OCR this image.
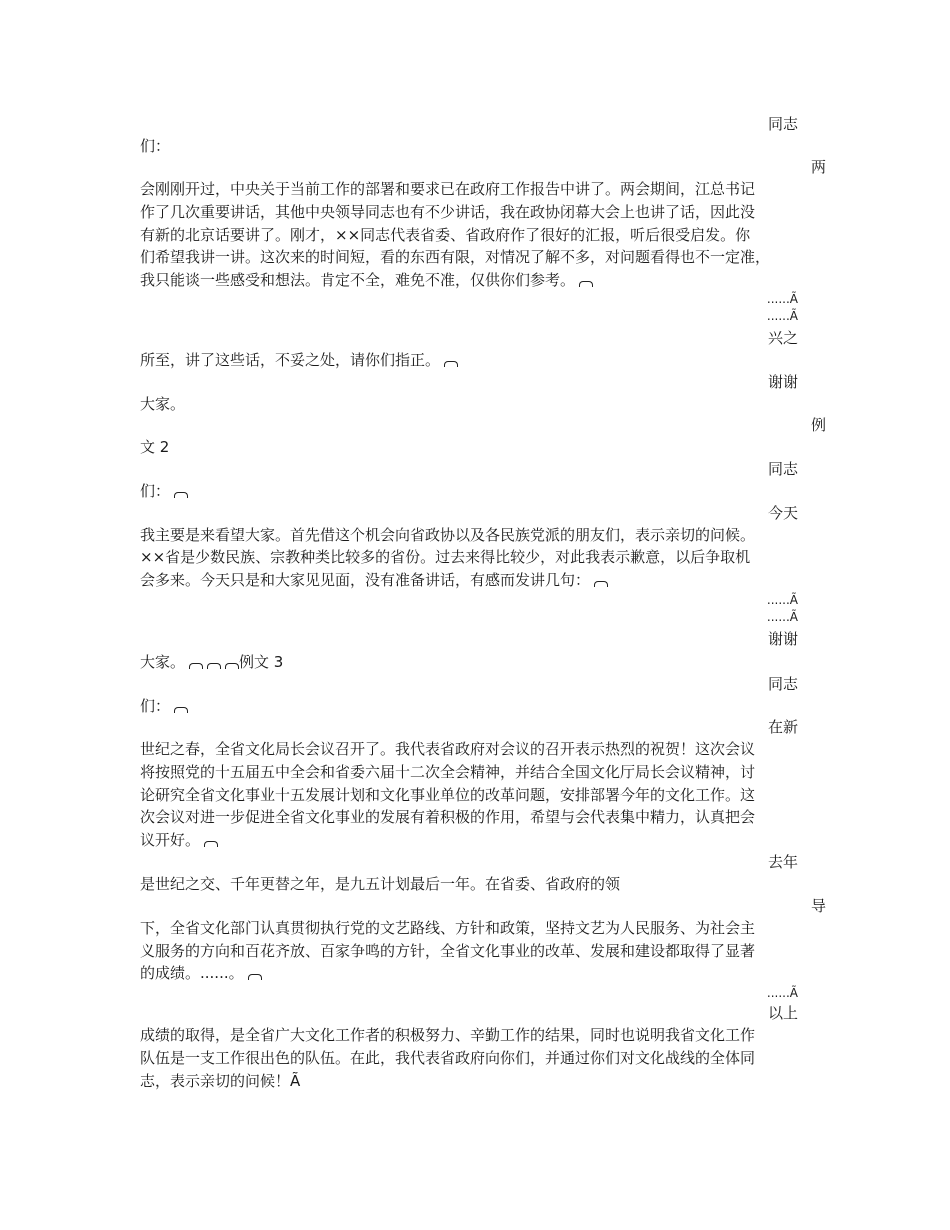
同志
们：
两
会刚刚开过，中央关于当前工作的部署和要求已在政府工作报告中讲了。两会期间，江总书记
作了几次重要讲话，其他中央领导同志也有不少讲话，我在政协闭幕大会上也讲了话，因此没
有新的北京话要讲了。刚才，××同志代表省委、省政府作了很好的汇报，听后很受启发。你
们希望我讲一讲。这次来的时间短，看的东西有限，对情况了解不多，对问题看得也不一定准，
我只能谈一些感受和想法。肯定不全，难免不准，仅供你们参考。
......Ã
......Ã
兴之
所至，讲了这些话，不妥之处，请你们指正。
谢谢
大家。
例
文 2
同志
们：
今天
我主要是来看望大家。首先借这个机会向省政协以及各民族党派的朋友们，表示亲切的问候。
××省是少数民族、宗教种类比较多的省份。过去来得比较少，对此我表示歉意，以后争取机
会多来。今天只是和大家见见面，没有准备讲话，有感而发讲几句：
......Ã
......Ã
谢谢
大家。	例文 3
同志
们：
在新
世纪之春，全省文化局长会议召开了。我代表省政府对会议的召开表示热烈的祝贺！这次会议
将按照党的十五届五中全会和省委六届十二次全会精神，并结合全国文化厅局长会议精神，讨
论研究全省文化事业十五发展计划和文化事业单位的改革问题，安排部署今年的文化工作。这
次会议对进一步促进全省文化事业的发展有着积极的作用，希望与会代表集中精力，认真把会
议开好。
去年
是世纪之交、千年更替之年，是九五计划最后一年。在省委、省政府的领
导
下，全省文化部门认真贯彻执行党的文艺路线、方针和政策，坚持文艺为人民服务、为社会主
义服务的方向和百花齐放、百家争鸣的方针，全省文化事业的改革、发展和建设都取得了显著
的成绩。......。
......Ã
以上
成绩的取得，是全省广大文化工作者的积极努力、辛勤工作的结果，同时也说明我省文化工作
队伍是一支工作很出色的队伍。在此，我代表省政府向你们，并通过你们对文化战线的全体同
志，表示亲切的问候！Ã
